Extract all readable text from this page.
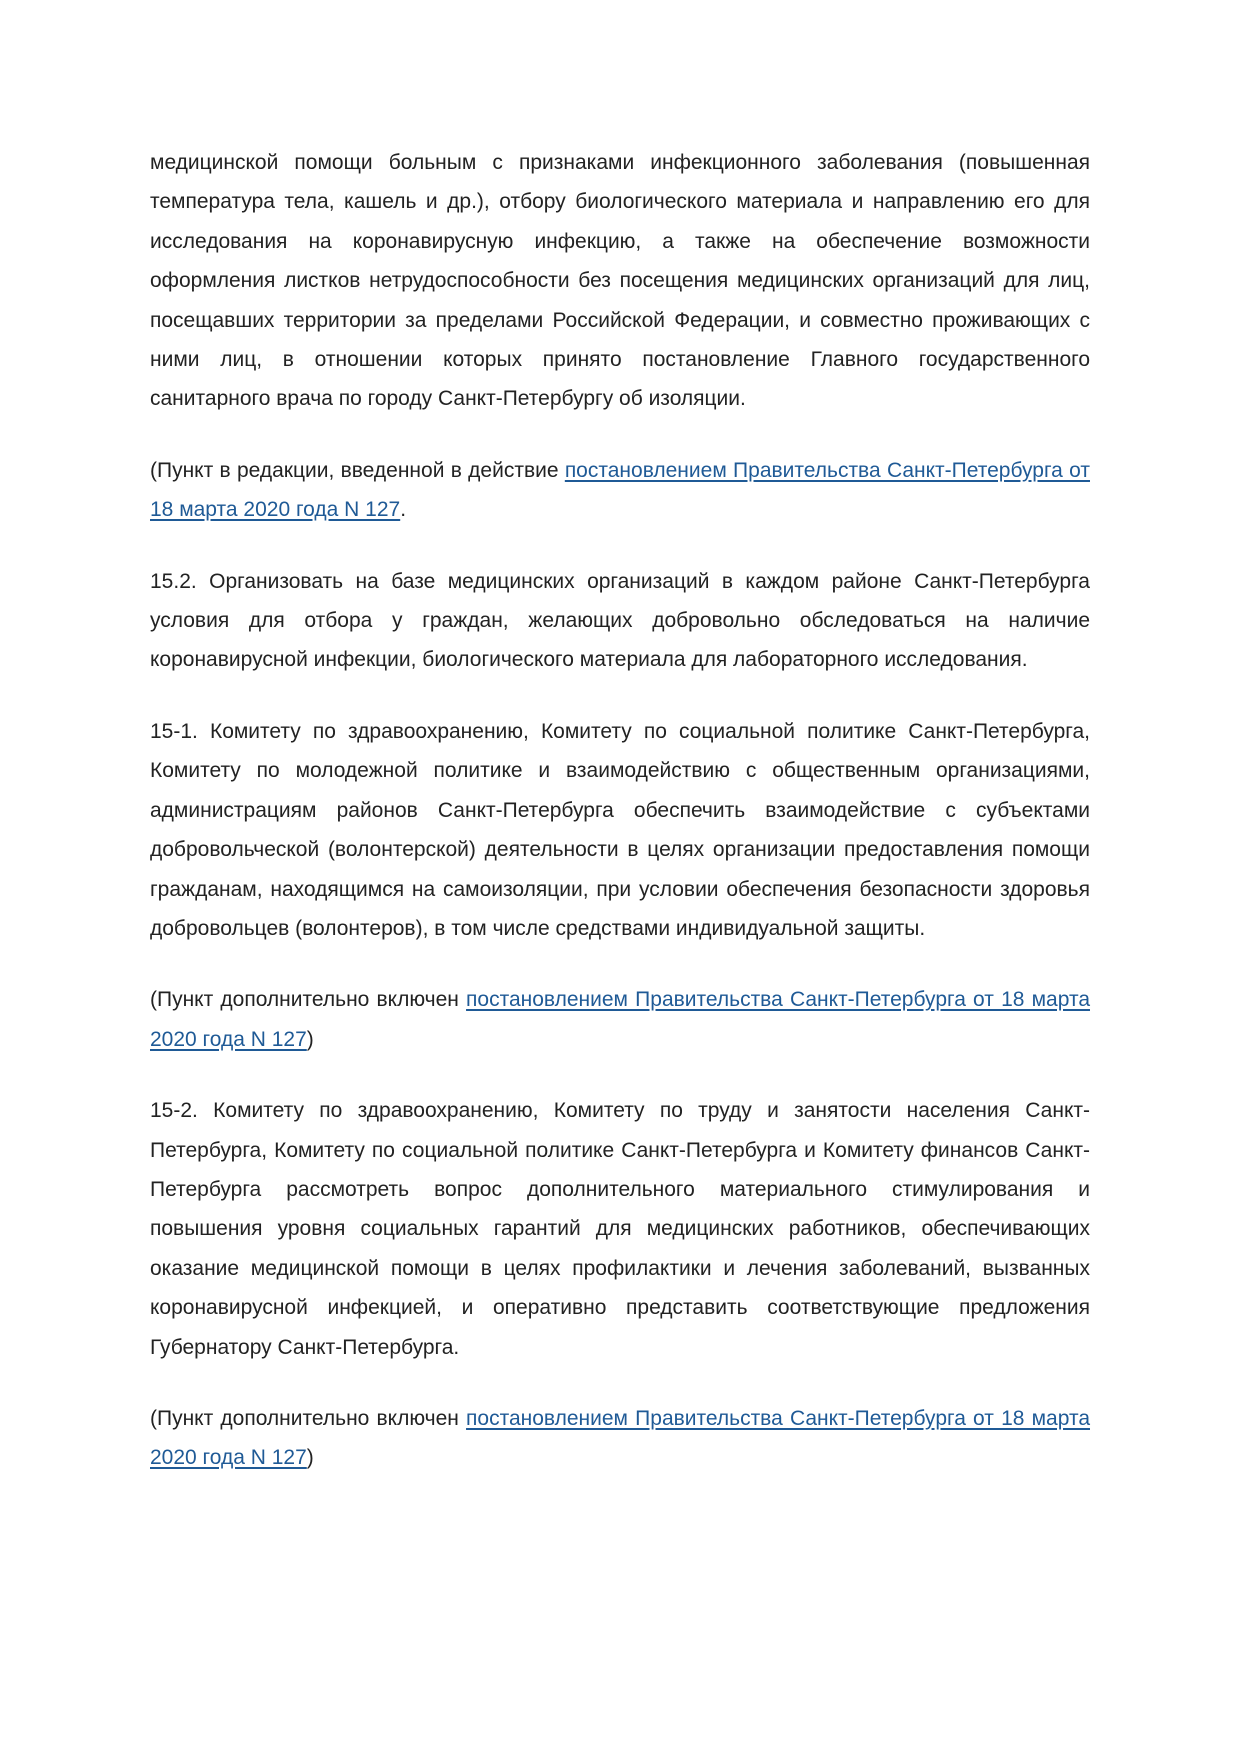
медицинской помощи больным с признаками инфекционного заболевания (повышенная температура тела, кашель и др.), отбору биологического материала и направлению его для исследования на коронавирусную инфекцию, а также на обеспечение возможности оформления листков нетрудоспособности без посещения медицинских организаций для лиц, посещавших территории за пределами Российской Федерации, и совместно проживающих с ними лиц, в отношении которых принято постановление Главного государственного санитарного врача по городу Санкт-Петербургу об изоляции.

(Пункт в редакции, введенной в действие постановлением Правительства Санкт-Петербурга от 18 марта 2020 года N 127.

15.2. Организовать на базе медицинских организаций в каждом районе Санкт-Петербурга условия для отбора у граждан, желающих добровольно обследоваться на наличие коронавирусной инфекции, биологического материала для лабораторного исследования.

15-1. Комитету по здравоохранению, Комитету по социальной политике Санкт-Петербурга, Комитету по молодежной политике и взаимодействию с общественным организациями, администрациям районов Санкт-Петербурга обеспечить взаимодействие с субъектами добровольческой (волонтерской) деятельности в целях организации предоставления помощи гражданам, находящимся на самоизоляции, при условии обеспечения безопасности здоровья добровольцев (волонтеров), в том числе средствами индивидуальной защиты.

(Пункт дополнительно включен постановлением Правительства Санкт-Петербурга от 18 марта 2020 года N 127)

15-2. Комитету по здравоохранению, Комитету по труду и занятости населения Санкт-Петербурга, Комитету по социальной политике Санкт-Петербурга и Комитету финансов Санкт-Петербурга рассмотреть вопрос дополнительного материального стимулирования и повышения уровня социальных гарантий для медицинских работников, обеспечивающих оказание медицинской помощи в целях профилактики и лечения заболеваний, вызванных коронавирусной инфекцией, и оперативно представить соответствующие предложения Губернатору Санкт-Петербурга.

(Пункт дополнительно включен постановлением Правительства Санкт-Петербурга от 18 марта 2020 года N 127)
